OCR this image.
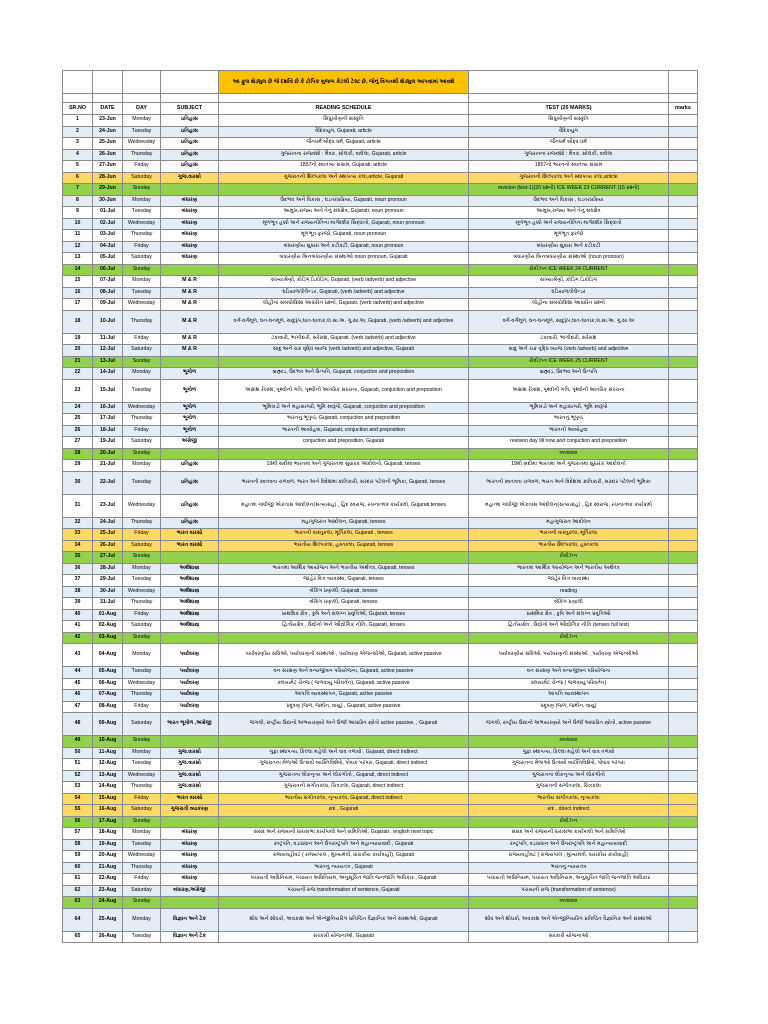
				આ ફુલ શેડ્યુલ છે જે દર્શાવે છે કે ટોપિક મુજબ કેટલી ટેસ્ટ છે, જેનું વિગતથી શેડ્યુલ આપવામાં આવશે		

SR.NO	DATE	DAY	SUBJECT	READING SCHEDULE	TEST (20 MARKS)	marks
1	23-Jun	Monday	ઇતિહાસ	સિંધુખીણની સંસ્કૃતિ	સિંધુખીણની સંસ્કૃતિ	
2	24-Jun	Tuesday	ઇતિહાસ	વૈદિકયુગ, Gujarati, article	વૈદિકયુગ	
3	25-Jun	Wednesday	ઇતિહાસ	જૈનધર્મ બૌદ્ધ ધર્મ, Gujarati, article	જૈનધર્મ બૌદ્ધ ધર્મ	
4	26-Jun	Thursday	ઇતિહાસ	ગુજરાતના રાજવંશો : મૈત્રક, સોલંકી, વાઘેલા, Gujarati, article	ગુજરાતના રાજવંશો : મૈત્રક, સોલંકી, વાઘેલા	
5	27-Jun	Friday	ઇતિહાસ	1857નો સ્વાતંત્ર્ય સંગ્રામ, Gujarati, article	1857નો ભારતનો સ્વાતંત્ર્ય સંગ્રામ	
6	28-Jun	Saturday	ગુજ.વારસો	ગુજરાતની શિલ્પકલા અને સ્થાપત્ય કલા,article, Gujarati	ગુજરાતની શિલ્પકલા અને સ્થાપત્ય કલા,article	
7	29-Jun	Sunday			revision (test-1)(20 પ્રશ્નો) ICE WEEK 23 CURRENT (15 પ્રશ્નો)	
8	30-Jun	Monday	બંધારણ	ઉદભવ અને વિકાસ , ઘડતરપ્રક્રિયા, Gujarati, noun pronoun	ઉદભવ અને વિકાસ , ઘડતરપ્રક્રિયા	
9	01-Jul	Tuesday	બંધારણ	આમુખ,રાજ્ય અને તેનું સંઘક્ષેત્ર, Gujarati, noun pronoun	આમુખ,રાજ્ય અને તેનું સંઘક્ષેત્ર	
10	02-Jul	Wednesday	બંધારણ	મૂળભૂત હક્કો અને રાજ્યનીતિના માર્ગદર્શક સિદ્ધાંતો, Gujarati, noun pronoun	મૂળભૂત હક્કો અને રાજ્યનીતિના માર્ગદર્શક સિદ્ધાંતો	
11	03-Jul	Thursday	બંધારણ	મૂળભૂત ફરજો, Gujarati, noun pronoun	મૂળભૂત ફરજો	
12	04-Jul	Friday	બંધારણ	બંધારણીય સુધારા અને કટોકટી, Gujarati, noun pronoun	બંધારણીય સુધારા અને કટોકટી	
13	05-Jul	Saturday	બંધારણ	બંધારણીય બિનબંધારણીય સંસ્થાઓ noun pronoun, Gujarati	બંધારણીય બિનબંધારણીય સંસ્થાઓ (noun pronoun)	
14	06-Jul	Sunday			રીવીઝન ICE WEEK 24 CURRENT	
15	07-Jul	Monday	M & R	સંખ્યાશ્રેણી, કોડિંગ ડિકોડિંગ, Gujarati, (verb /adverb) and adjective	સંખ્યાશ્રેણી, કોડિંગ ડિકોડિંગ	
16	08-Jul	Tuesday	M & R	ઘડિયાળ/કેલેન્ડર, Gujarati, (verb /adverb) and adjective	ઘડિયાળ/કેલેન્ડર	
17	09-Jul	Wednesday	M & R	લોહીના સંબંધો/દિશા આધારિત પ્રશ્નો, Gujarati, (verb /adverb) and adjective	લોહીના સંબંધો/દિશા આધારિત પ્રશ્નો	
18	10-Jul	Thursday	M & R	વર્ગ-વર્ગમૂળ, ઘન-ઘનમૂળ, સાદુરૂપ,ઘાત-ઘાતાંક,લ.સા.અ. ગુ.સા.અ, Gujarati, (verb /adverb) and adjective	વર્ગ-વર્ગમૂળ, ઘન-ઘનમૂળ, સાદુરૂપ,ઘાત-ઘાતાંક,લ.સા.અ. ગુ.સા.અ	
19	11-Jul	Friday	M & R	ટકાવારી, ભાગીદારી, સરેરાશ, Gujarati, (verb /adverb) and adjective	ટકાવારી, ભાગીદારી, સરેરાશ	
20	12-Jul	Saturday	M & R	સાદુ અને ચક્ર વૃદ્ધિ વ્યાજ (verb /adverb) and adjective, Gujarati	સાદુ અને ચક્ર વૃદ્ધિ વ્યાજ (verb /adverb) and adjective	
21	13-Jul	Sunday			રીવીઝન ICE WEEK 25 CURRENT	
22	14-Jul	Monday	ભૂગોળ	બ્રહ્માંડ, ઉદભવ અને ઉત્પત્તિ, Gujarati, conjuction and preposition	બ્રહ્માંડ, ઉદભવ અને ઉત્પત્તિ	
23	15-Jul	Tuesday	ભૂગોળ	અક્ષાંશ રેખાંશ, પૃથ્વીની ગતિ, પૃથ્વીની આંતરિક સંરચના, Gujarati, conjuction and preposition	અક્ષાંશ રેખાંશ, પૃથ્વીની ગતિ, પૃથ્વીની આંતરિક સંરચના	
24	16-Jul	Wednesday	ભૂગોળ	ભૂમિખંડો અને મહાસાગરો, ભૂમિ સ્વરૂપો, Gujarati, conjuction and preposition	ભૂમિખંડો અને મહાસાગરો, ભૂમિ સ્વરૂપો	
25	17-Jul	Thursday	ભૂગોળ	ભારતનું ભૂપૃષ્ઠ, Gujarati, conjuction and preposition	ભારતનું ભૂપૃષ્ઠ	
26	18-Jul	Friday	ભૂગોળ	ભારતની આબોહવા, Gujarati, conjuction and preposition	ભારતની આબોહવા	
27	19-Jul	Saturday	અંગ્રેજી	conjuction and preposition, Gujarati	revision day till now and conjuction and preposition	
28	20-Jul	Sunday			revision	
29	21-Jul	Monday	ઇતિહાસ	19મી સદીમાં ભારતમાં અને ગુજરાતમાં સુધારક આંદોલનો, Gujarati, tenses	19મી સદીમાં ભારતમાં અને ગુજરાતમાં સુધારક આંદોલનો	
30	22-Jul	Tuesday	ઇતિહાસ	ભારતની સ્વતંત્રતા ચળવળ, ભારત અને વિદેશમાં ક્રાંતિકારી, સરદાર પટેલની ભૂમિકા, Gujarati, tenses	ભારતની સ્વતંત્રતા ચળવળ, ભારત અને વિદેશમાં ક્રાંતિકારી, સરદાર પટેલની ભૂમિકા	
31	23-Jul	Wednesday	ઇતિહાસ	મહાત્મા ગાંધીજી એકતાસ આંદોલન(સત્યાગ્રહ) , હિંદ સ્વરાજ, રચનાત્મક કાર્યક્રમો, Gujarati tenses	મહાત્મા ગાંધીજી એકતાસ આંદોલન(સત્યાગ્રહ) , હિંદ સ્વરાજ, રચનાત્મક કાર્યક્રમો	
32	24-Jul	Thursday	ઇતિહાસ	મહાગુજરાત આંદોલન, Gujarati, tenses	મહાગુજરાત આંદોલન	
33	25-Jul	Friday	ભારત વારસો	ભારતની વાસ્તુકલા, મૂર્તિકલા, Gujarati , tenses	ભારતની વાસ્તુકલા, મૂર્તિકલા	
34	26-Jul	Saturday	ભારત વારસો	ભારતીય શિલ્પકલા, હસ્તકલા, Gujarati, tenses	ભારતીય શિલ્પકલા, હસ્તકલા	
35	27-Jul	Sunday			રીવીઝન	
36	28-Jul	Monday	અર્થશાસ્ત્ર	ભારતમાં આર્થિક આયોજન અને ભારતીય અર્થતંત્ર, Gujarati, tenses	ભારતમાં આર્થિક આયોજન અને ભારતીય અર્થતંત્ર	
37	29-Jul	Tuesday	અર્થશાસ્ત્ર	જાહેર વિત્ત વ્યવસ્થા, Gujarati, tenses	જાહેર વિત્ત વ્યવસ્થા	
38	30-Jul	Wednesday	અર્થશાસ્ત્ર	બેંકિંગ પ્રણાલી, Gujarati, tenses	reading	
39	31-Jul	Thursday	અર્થશાસ્ત્ર	બેંકિંગ પ્રણાલી, Gujarati, tenses	બેંકિંગ પ્રણાલી	
40	01-Aug	Friday	અર્થશાસ્ત્ર	પ્રાથમિક ક્ષેત્ર , કૃષિ અને સંલગ્ન પ્રવૃત્તિઓ, Gujarati, tenses	પ્રાથમિક ક્ષેત્ર , કૃષિ અને સંલગ્ન પ્રવૃત્તિઓ	
41	02-Aug	Saturday	અર્થશાસ્ત્ર	દ્વિતીયક્ષેત્ર , ઉદ્યોગો અને ઔદ્યોગિક નીતિ, Gujarati, tenses	દ્વિતીયક્ષેત્ર , ઉદ્યોગો અને ઔદ્યોગિક નીતિ (tenses full test)	
42	03-Aug	Sunday			રીવીઝન	
43	04-Aug	Monday	પર્યાવરણ	પર્યાવરણીય સંધિઓ, પર્યાવરણની સંસ્થાઓ , પર્યાવરણ એજન્સીઓ, Gujarati, active passive	પર્યાવરણીય સંધિઓ, પર્યાવરણની સંસ્થાઓ , પર્યાવરણ એજન્સીઓ	
44	05-Aug	Tuesday	પર્યાવરણ	વન સંરક્ષણ અને વન્યજીવન પરિયોજના, Gujarati, active passive	વન સંરક્ષણ અને વન્યજીવન પરિયોજના	
45	06-Aug	Wednesday	પર્યાવરણ	ક્લાયમેટ ચેન્જ ( જળવાયુ પરિવર્તન), Gujarati, active passive	ક્લાયમેટ ચેન્જ ( જળવાયુ પરિવર્તન)	
46	07-Aug	Thursday	પર્યાવરણ	આપત્તિ વ્યવસ્થાપન, Gujarati, active passive	આપત્તિ વ્યવસ્થાપન	
47	08-Aug	Friday	પર્યાવરણ	પ્રદૂષણ (જળ, જમીન, વાયુ) , Gujarati, active passive	પ્રદૂષણ (જળ, જમીન, વાયુ)	
48	09-Aug	Saturday	ભારત ભૂગોળ ,અંગ્રેજી	જંગલો, રાષ્ટ્રીય ઉદ્યાનો અભયારણ્યો અને ઉર્જા આધારિત સ્ત્રોતો active passive, , Gujarati	જંગલો, રાષ્ટ્રીય ઉદ્યાનો અભયારણ્યો અને ઉર્જા આધારિત સ્ત્રોતો, active passive	
49	10-Aug	Sunday			revision	
50	11-Aug	Monday	ગુજ.વારસો	ગુફા સ્થાપત્ય, કિલ્લા મહેલો અને વાવ તળાવો , Gujarati, direct indirect	ગુફા સ્થાપત્ય, કિલ્લા મહેલો અને વાવ તળાવો	
51	12-Aug	Tuesday	ગુજ.વારસો	ગુજરાતના મેળાઓ ઉત્સવો વ્યક્તિવિશેષો, પોષાક પરંપરા, Gujarati, direct indirect	ગુજરાતના મેળાઓ ઉત્સવો વ્યક્તિવિશેષો, પોષાક પરંપરા	
52	13-Aug	Wednesday	ગુજ.વારસો	ગુજરાતના લોકનૃત્ય અને લોકગીતો , Gujarati, direct indirect	ગુજરાતના લોકનૃત્ય અને લોકગીતો	
53	14-Aug	Thursday	ગુજ.વારસો	ગુજરાતની સંગીતકલા, ચિત્રકલા, Gujarati, direct indirect	ગુજરાતની સંગીતકલા, ચિત્રકલા	
54	15-Aug	Friday	ભારત વારસો	ભારતીય સંગીતકલા, નૃત્યકલા, Gujarati, direct indirect	ભારતીય સંગીતકલા, નૃત્યકલા	
55	16-Aug	Saturday	ગુજરાતી વ્યાકરણ	છંદ , Gujarati	છંદ , direct indirect	
56	17-Aug	Sunday			રીવીઝન	
57	18-Aug	Monday	બંધારણ	સંસદ અને રાજ્યની ધારાસભા કાર્યપાલો અને સમિતિઓ, Gujarati , english next topic	સંસદ અને રાજ્યની ધારાસભા કાર્યપાલો અને સમિતિઓ	
58	19-Aug	Tuesday	બંધારણ	રાષ્ટ્રપતિ, વડાપ્રધાન અને ઉપરાષ્ટ્રપતિ અને મહાન્યાયવાદી , Gujarati	રાષ્ટ્રપતિ, વડાપ્રધાન અને ઉપરાષ્ટ્રપતિ અને મહાન્યાયવાદી	
59	20-Aug	Wednesday	બંધારણ	રાજ્યવહીવટ ( રાજ્યપાલ , મુખ્યમંત્રી, ધારાકીય કાર્યવાહી), Gujarati	રાજ્યવહીવટ ( રાજ્યપાલ , મુખ્યમંત્રી, ધારાકીય કાર્યવાહી)	
60	21-Aug	Thursday	બંધારણ	ભારતનું ન્યાયતંત્ર , Gujarati	ભારતનું ન્યાયતંત્ર	
61	22-Aug	Friday	બંધારણ	પંચાયતી અધિનિયમ, પંચાયત અધિનિયમ, અનુસૂચિત જાતિ જનજાતિ અધિકાર , Gujarati	પંચાયતી અધિનિયમ, પંચાયત અધિનિયમ, અનુસૂચિત જાતિ જનજાતિ અધિકાર	
62	23-Aug	Saturday	બંધારણ,અંગ્રેજી	પંચાયતી રાજ transformation of sentence, Gujarati	પંચાયતી રાજ (transformation of sentence)	
63	24-Aug	Sunday			revision	
64	25-Aug	Monday	વિજ્ઞાન અને ટેક	શોધ અને શોધકો, અવકાશ અને એન્જીનિયરિંગ પ્રતિષ્ઠિત વૈજ્ઞાનિક અને સંસ્થાઓ, Gujarati	શોધ અને શોધકો, અવકાશ અને એન્જીનિયરિંગ પ્રતિષ્ઠિત વૈજ્ઞાનિક અને સંસ્થાઓ	
65	26-Aug	Tuesday	વિજ્ઞાન અને ટેક	સરકારી યોજનાઓ, Gujarati	સરકારી યોજનાઓ	
